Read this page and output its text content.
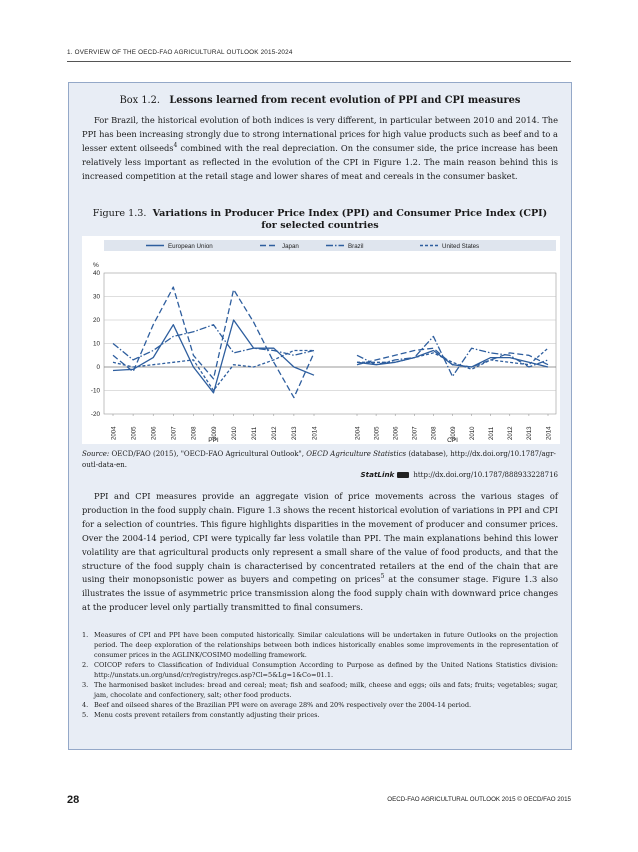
1. OVERVIEW OF THE OECD-FAO AGRICULTURAL OUTLOOK 2015-2024
Box 1.2. Lessons learned from recent evolution of PPI and CPI measures

For Brazil, the historical evolution of both indices is very different, in particular between 2010 and 2014. The PPI has been increasing strongly due to strong international prices for high value products such as beef and to a lesser extent oilseeds$^4$ combined with the real depreciation. On the consumer side, the price increase has been relatively less important as reflected in the evolution of the CPI in Figure 1.2. The main reason behind this is increased competition at the retail stage and lower shares of meat and cereals in the consumer basket.

Figure 1.3. Variations in Producer Price Index (PPI) and Consumer Price Index (CPI)
for selected countries
European Union	Japan	Brazil	United States
%
-20
-10
0
10
20
30
40
2004 2005 2006 2007 2008 2009 2010 2011 2012 2013 2014
PPI
2004 2005 2006 2007 2008 2009 2010 2011 2012 2013 2014
CPI
Source: OECD/FAO (2015), "OECD-FAO Agricultural Outlook", OECD Agriculture Statistics (database), http://dx.doi.org/10.1787/agr-outl-data-en.
StatLink	http://dx.doi.org/10.1787/888933228716

PPI and CPI measures provide an aggregate vision of price movements across the various stages of production in the food supply chain. Figure 1.3 shows the recent historical evolution of variations in PPI and CPI for a selection of countries. This figure highlights disparities in the movement of producer and consumer prices. Over the 2004-14 period, CPI were typically far less volatile than PPI. The main explanations behind this lower volatility are that agricultural products only represent a small share of the value of food products, and that the structure of the food supply chain is characterised by concentrated retailers at the end of the chain that are using their monopsonistic power as buyers and competing on prices$^5$ at the consumer stage. Figure 1.3 also illustrates the issue of asymmetric price transmission along the food supply chain with downward price changes at the producer level only partially transmitted to final consumers.

1. Measures of CPI and PPI have been computed historically. Similar calculations will be undertaken in future Outlooks on the projection period. The deep exploration of the relationships between both indices historically enables some improvements in the representation of consumer prices in the AGLINK/COSIMO modelling framework.
2. COICOP refers to Classification of Individual Consumption According to Purpose as defined by the United Nations Statistics division: http://unstats.un.org/unsd/cr/registry/regcs.asp?Cl=5&Lg=1&Co=01.1.
3. The harmonised basket includes: bread and cereal; meat; fish and seafood; milk, cheese and eggs; oils and fats; fruits; vegetables; sugar, jam, chocolate and confectionery, salt; other food products.
4. Beef and oilseed shares of the Brazilian PPI were on average 28% and 20% respectively over the 2004-14 period.
5. Menu costs prevent retailers from constantly adjusting their prices.
28	OECD-FAO AGRICULTURAL OUTLOOK 2015 © OECD/FAO 2015
